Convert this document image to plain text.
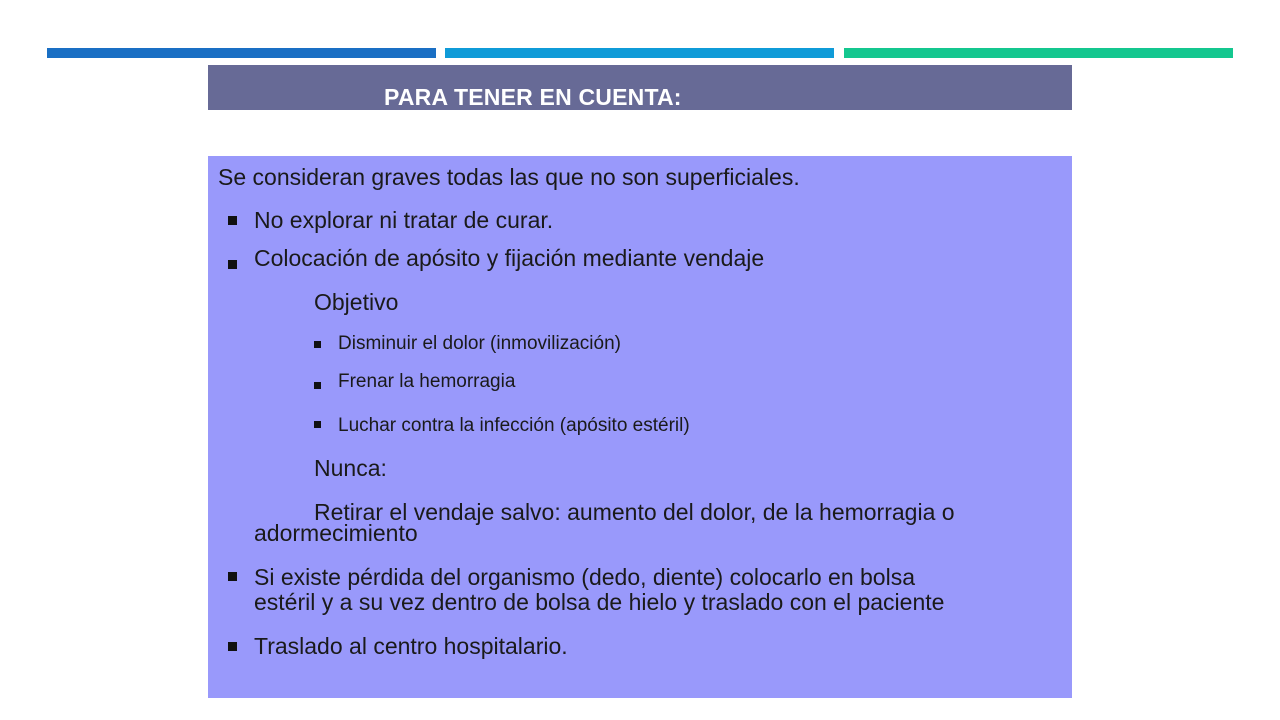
PARA TENER EN CUENTA:
Se consideran graves todas las que no son superficiales.
No explorar ni tratar de curar.
Colocación de apósito y fijación mediante vendaje
Objetivo
Disminuir el dolor (inmovilización)
Frenar la hemorragia
Luchar contra la infección (apósito estéril)
Nunca:
Retirar el vendaje salvo: aumento del dolor, de la hemorragia o
adormecimiento
Si existe pérdida del organismo (dedo, diente) colocarlo en bolsa
estéril y a su vez dentro de bolsa de hielo y traslado con el paciente
Traslado al centro hospitalario.
